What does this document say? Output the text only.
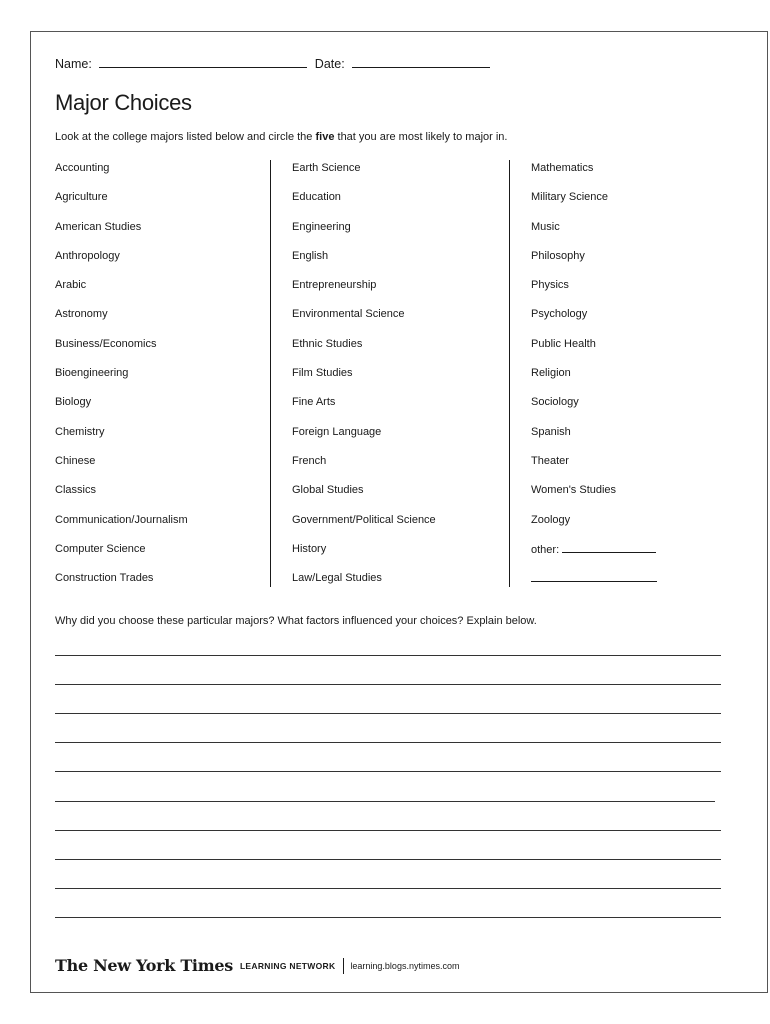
Name:	Date:
Major Choices
Look at the college majors listed below and circle the five that you are most likely to major in.
Accounting
Agriculture
American Studies
Anthropology
Arabic
Astronomy
Business/Economics
Bioengineering
Biology
Chemistry
Chinese
Classics
Communication/Journalism
Computer Science
Construction Trades
Earth Science
Education
Engineering
English
Entrepreneurship
Environmental Science
Ethnic Studies
Film Studies
Fine Arts
Foreign Language
French
Global Studies
Government/Political Science
History
Law/Legal Studies
Mathematics
Military Science
Music
Philosophy
Physics
Psychology
Public Health
Religion
Sociology
Spanish
Theater
Women's Studies
Zoology
other:
Why did you choose these particular majors? What factors influenced your choices? Explain below.
The New York Times LEARNING NETWORK learning.blogs.nytimes.com
